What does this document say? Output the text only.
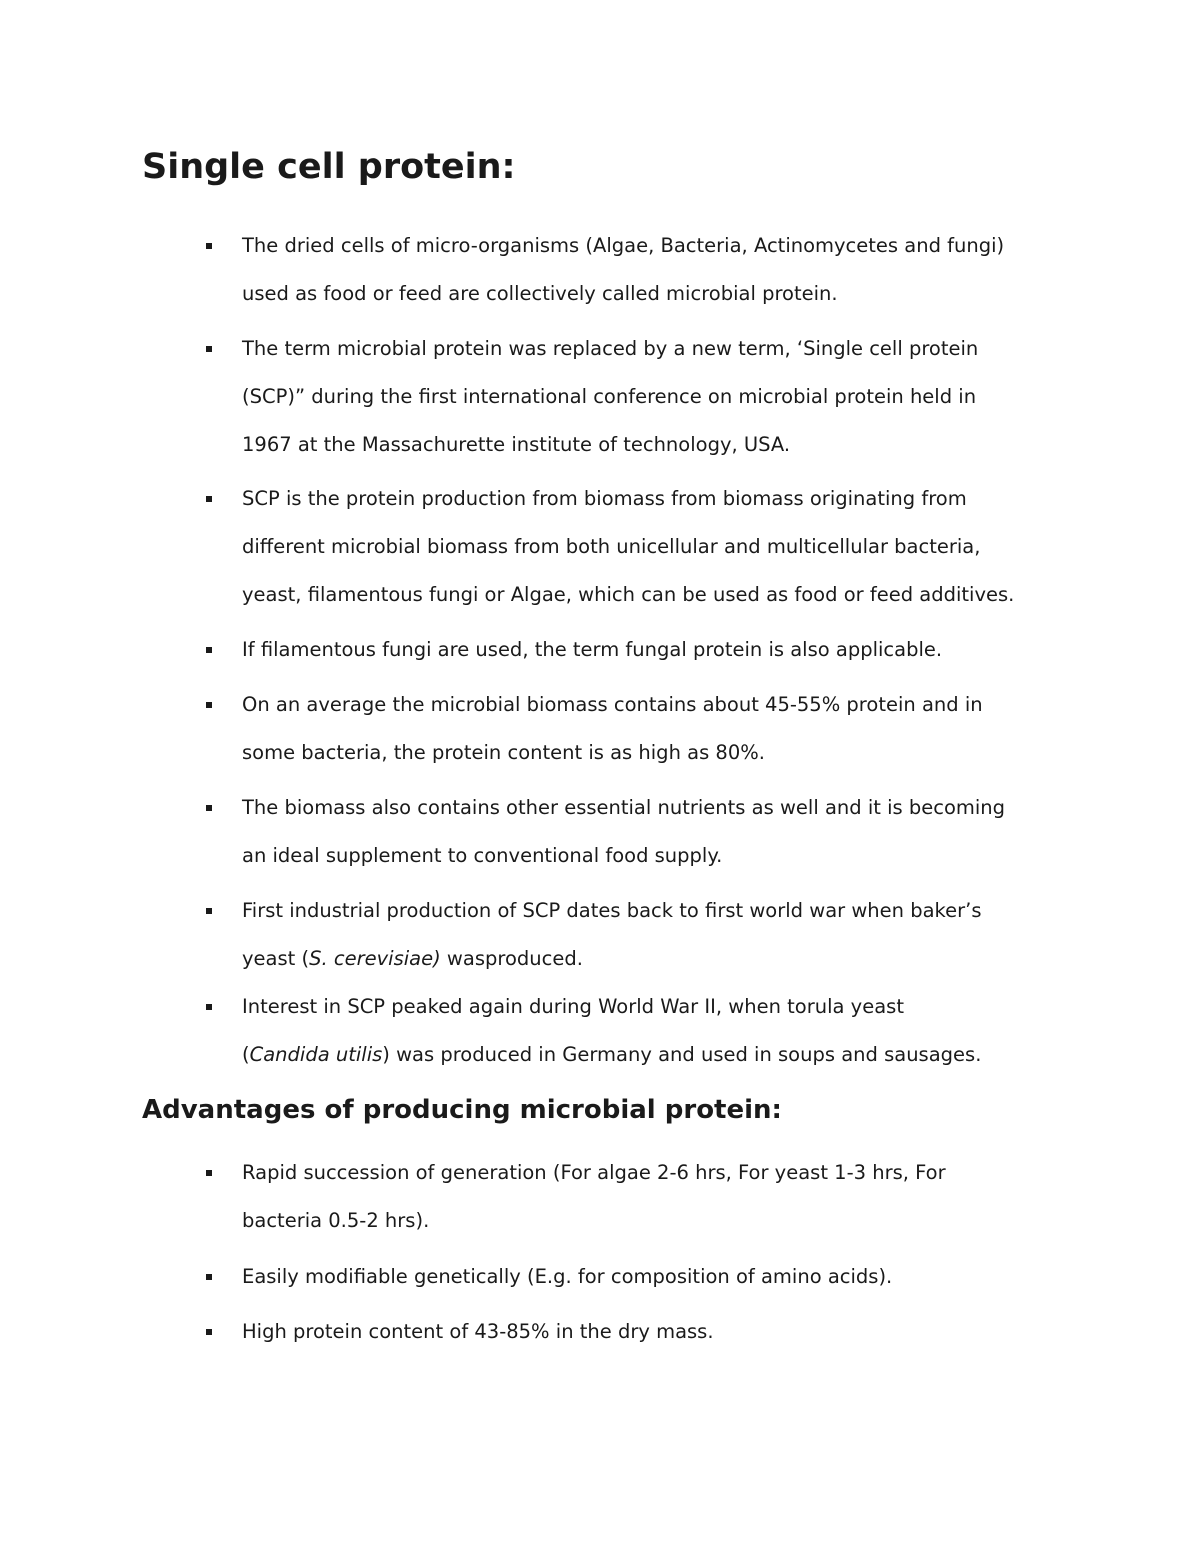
Single cell protein:
The dried cells of micro-organisms (Algae, Bacteria, Actinomycetes and fungi)
used as food or feed are collectively called microbial protein.
The term microbial protein was replaced by a new term, ‘Single cell protein
(SCP)” during the first international conference on microbial protein held in
1967 at the Massachurette institute of technology, USA.
SCP is the protein production from biomass from biomass originating from
different microbial biomass from both unicellular and multicellular bacteria,
yeast, filamentous fungi or Algae, which can be used as food or feed additives.
If filamentous fungi are used, the term fungal protein is also applicable.
On an average the microbial biomass contains about 45-55% protein and in
some bacteria, the protein content is as high as 80%.
The biomass also contains other essential nutrients as well and it is becoming
an ideal supplement to conventional food supply.
First industrial production of SCP dates back to first world war when baker’s
yeast (S. cerevisiae) wasproduced.
Interest in SCP peaked again during World War II, when torula yeast
(Candida utilis) was produced in Germany and used in soups and sausages.
Advantages of producing microbial protein:
Rapid succession of generation (For algae 2-6 hrs, For yeast 1-3 hrs, For
bacteria 0.5-2 hrs).
Easily modifiable genetically (E.g. for composition of amino acids).
High protein content of 43-85% in the dry mass.
